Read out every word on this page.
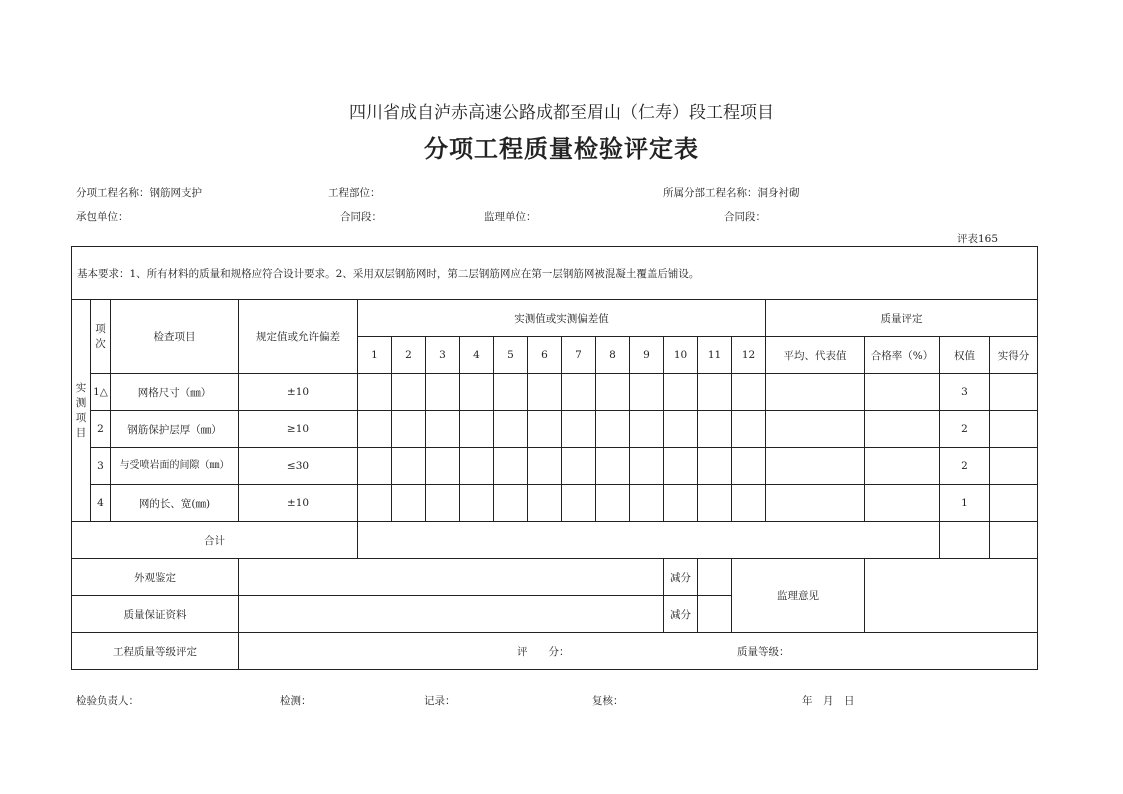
四川省成自泸赤高速公路成都至眉山（仁寿）段工程项目
分项工程质量检验评定表
分项工程名称：钢筋网支护	工程部位：	所属分部工程名称：洞身衬砌
承包单位：	合同段：	监理单位：	合同段：
评表165
基本要求：1、所有材料的质量和规格应符合设计要求。2、采用双层钢筋网时，第二层钢筋网应在第一层钢筋网被混凝土覆盖后铺设。																			
实测项目	项次	检查项目	规定值或允许偏差	实测值或实测偏差值												质量评定			
				1	2	3	4	5	6	7	8	9	10	11	12	平均、代表值	合格率（%）	权值	实得分
	1△	网格尺寸（㎜）	±10															3	
	2	钢筋保护层厚（㎜）	≥10															2	
	3	与受喷岩面的间隙（㎜）	≤30															2	
	4	网的长、宽(㎜)	±10															1	
合计																			
外观鉴定													减分		监理意见				
质量保证资料													减分						
工程质量等级评定			评　　分： 质量等级：																
检验负责人：	检测：	记录：	复核：	年　月　日
